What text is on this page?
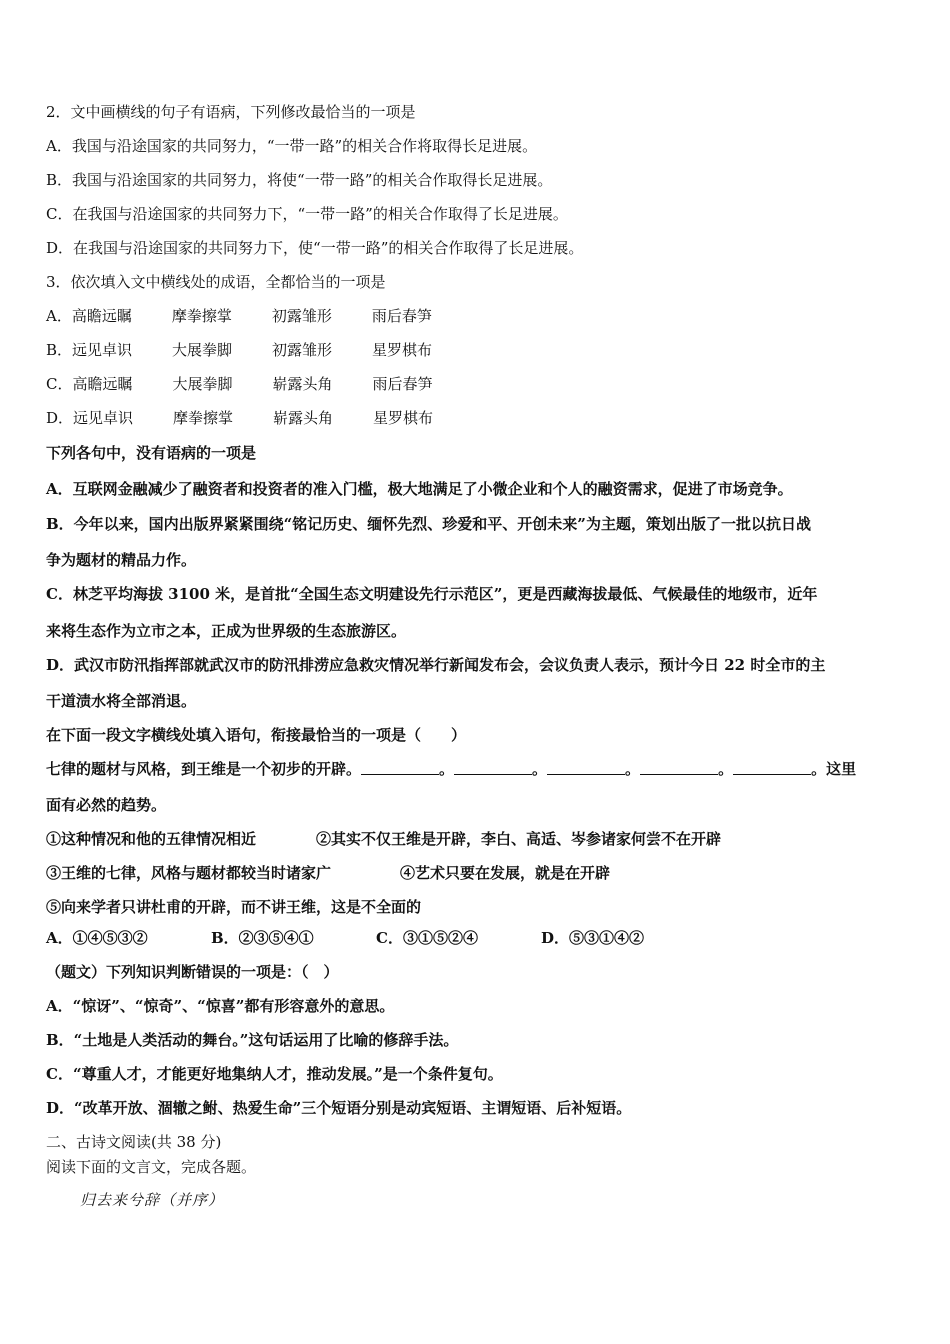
2．文中画横线的句子有语病，下列修改最恰当的一项是
A．我国与沿途国家的共同努力，“一带一路”的相关合作将取得长足进展。
B．我国与沿途国家的共同努力，将使“一带一路”的相关合作取得长足进展。
C．在我国与沿途国家的共同努力下，“一带一路”的相关合作取得了长足进展。
D．在我国与沿途国家的共同努力下，使“一带一路”的相关合作取得了长足进展。
3．依次填入文中横线处的成语，全都恰当的一项是
A．高瞻远瞩	摩拳擦掌	初露雏形	雨后春笋
B．远见卓识	大展拳脚	初露雏形	星罗棋布
C．高瞻远瞩	大展拳脚	崭露头角	雨后春笋
D．远见卓识	摩拳擦掌	崭露头角	星罗棋布
下列各句中，没有语病的一项是
A．互联网金融减少了融资者和投资者的准入门槛，极大地满足了小微企业和个人的融资需求，促进了市场竞争。
B．今年以来，国内出版界紧紧围绕“铭记历史、缅怀先烈、珍爱和平、开创未来”为主题，策划出版了一批以抗日战
争为题材的精品力作。
C．林芝平均海拔 3100 米，是首批“全国生态文明建设先行示范区”，更是西藏海拔最低、气候最佳的地级市，近年
来将生态作为立市之本，正成为世界级的生态旅游区。
D．武汉市防汛指挥部就武汉市的防汛排涝应急救灾情况举行新闻发布会，会议负责人表示，预计今日 22 时全市的主
干道渍水将全部消退。
在下面一段文字横线处填入语句，衔接最恰当的一项是（　　）
七律的题材与风格，到王维是一个初步的开辟。	。	。	。	。	。这里
面有必然的趋势。
①这种情况和他的五律情况相近	②其实不仅王维是开辟，李白、高适、岑参诸家何尝不在开辟
③王维的七律，风格与题材都较当时诸家广	④艺术只要在发展，就是在开辟
⑤向来学者只讲杜甫的开辟，而不讲王维，这是不全面的
A．①④⑤③②	B．②③⑤④①	C．③①⑤②④	D．⑤③①④②
（题文）下列知识判断错误的一项是：（　）
A．“惊讶”、“惊奇”、“惊喜”都有形容意外的意思。
B．“土地是人类活动的舞台。”这句话运用了比喻的修辞手法。
C．“尊重人才，才能更好地集纳人才，推动发展。”是一个条件复句。
D．“改革开放、涸辙之鲋、热爱生命”三个短语分别是动宾短语、主谓短语、后补短语。
二、古诗文阅读(共 38 分)
阅读下面的文言文，完成各题。
归去来兮辞（并序）
